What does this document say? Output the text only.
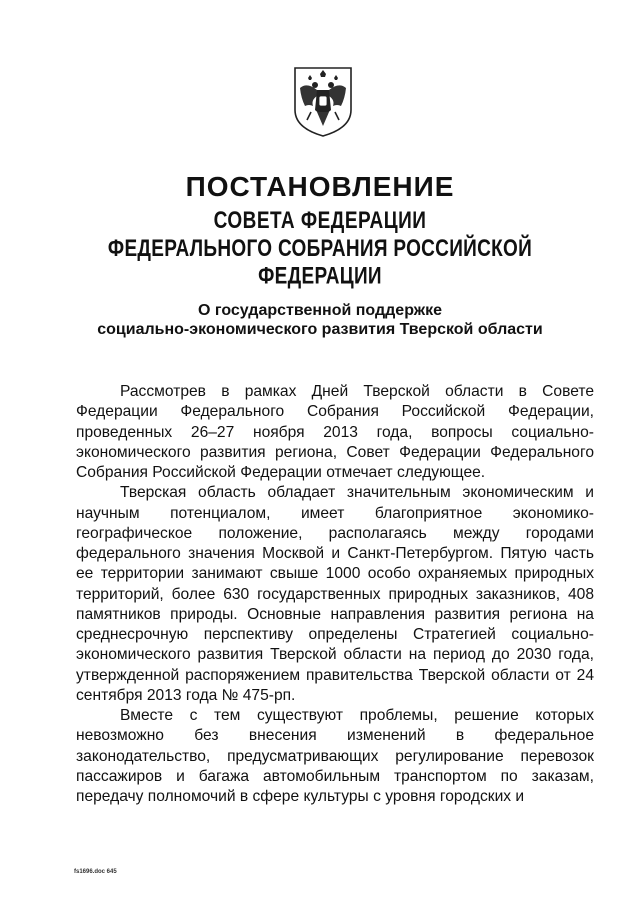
ПОСТАНОВЛЕНИЕ
СОВЕТА ФЕДЕРАЦИИ
ФЕДЕРАЛЬНОГО СОБРАНИЯ РОССИЙСКОЙ ФЕДЕРАЦИИ
О государственной поддержке
социально-экономического развития Тверской области

Рассмотрев в рамках Дней Тверской области в Совете Федерации Федерального Собрания Российской Федерации, проведенных 26–27 ноября 2013 года, вопросы социально-экономического развития региона, Совет Федерации Федерального Собрания Российской Федерации отмечает следующее.

Тверская область обладает значительным экономическим и научным потенциалом, имеет благоприятное экономико-географическое положение, располагаясь между городами федерального значения Москвой и Санкт-Петербургом. Пятую часть ее территории занимают свыше 1000 особо охраняемых природных территорий, более 630 государственных природных заказников, 408 памятников природы. Основные направления развития региона на среднесрочную перспективу определены Стратегией социально-экономического развития Тверской области на период до 2030 года, утвержденной распоряжением правительства Тверской области от 24 сентября 2013 года № 475-рп.

Вместе с тем существуют проблемы, решение которых невозможно без внесения изменений в федеральное законодательство, предусматривающих регулирование перевозок пассажиров и багажа автомобильным транспортом по заказам, передачу полномочий в сфере культуры с уровня городских и

fs1696.doc 645
